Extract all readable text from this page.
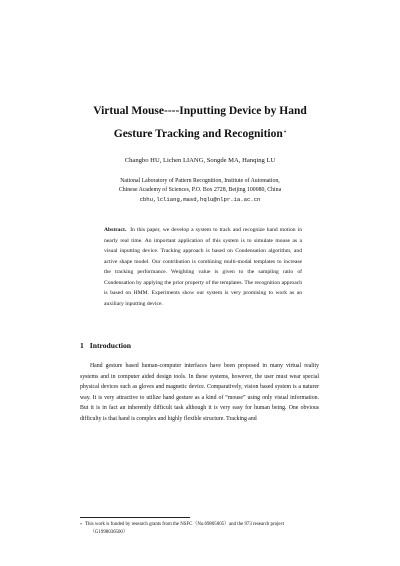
Virtual Mouse----Inputting Device by Hand
Gesture Tracking and Recognition*

Changbo HU, Lichen LIANG, Songde MA, Hanqing LU

National Laboratory of Pattern Recognition, Institute of Automation,
Chinese Academy of Sciences, P.O. Box 2728, Beijing 100080, China

cbhu,lcliang,masd,hqlu@nlpr.ia.ac.cn

Abstract. In this paper, we develop a system to track and recognize hand motion in nearly real time. An important application of this system is to simulate mouse as a visual inputting device. Tracking approach is based on Condensation algorithm, and active shape model. Our contribution is combining multi-modal templates to increase the tracking performance. Weighting value is given to the sampling ratio of Condensation by applying the prior property of the templates. The recognition approach is based on HMM. Experiments show our system is very promising to work as an auxiliary inputting device.

1 Introduction

Hand gesture based human-computer interfaces have been proposed in many virtual reality systems and in computer aided design tools. In these systems, however, the user must wear special physical devices such as gloves and magnetic device. Comparatively, vision based system is a naturer way. It is very attractive to utilize hand gesture as a kind of “mouse” using only visual information. But it is in fact an inherently difficult task although it is very easy for human being. One obvious difficulty is that hand is complex and highly flexible structure. Tracking and

* This work is funded by research grants from the NSFC（No.69805005）and the 973 research project（G1998030500）
